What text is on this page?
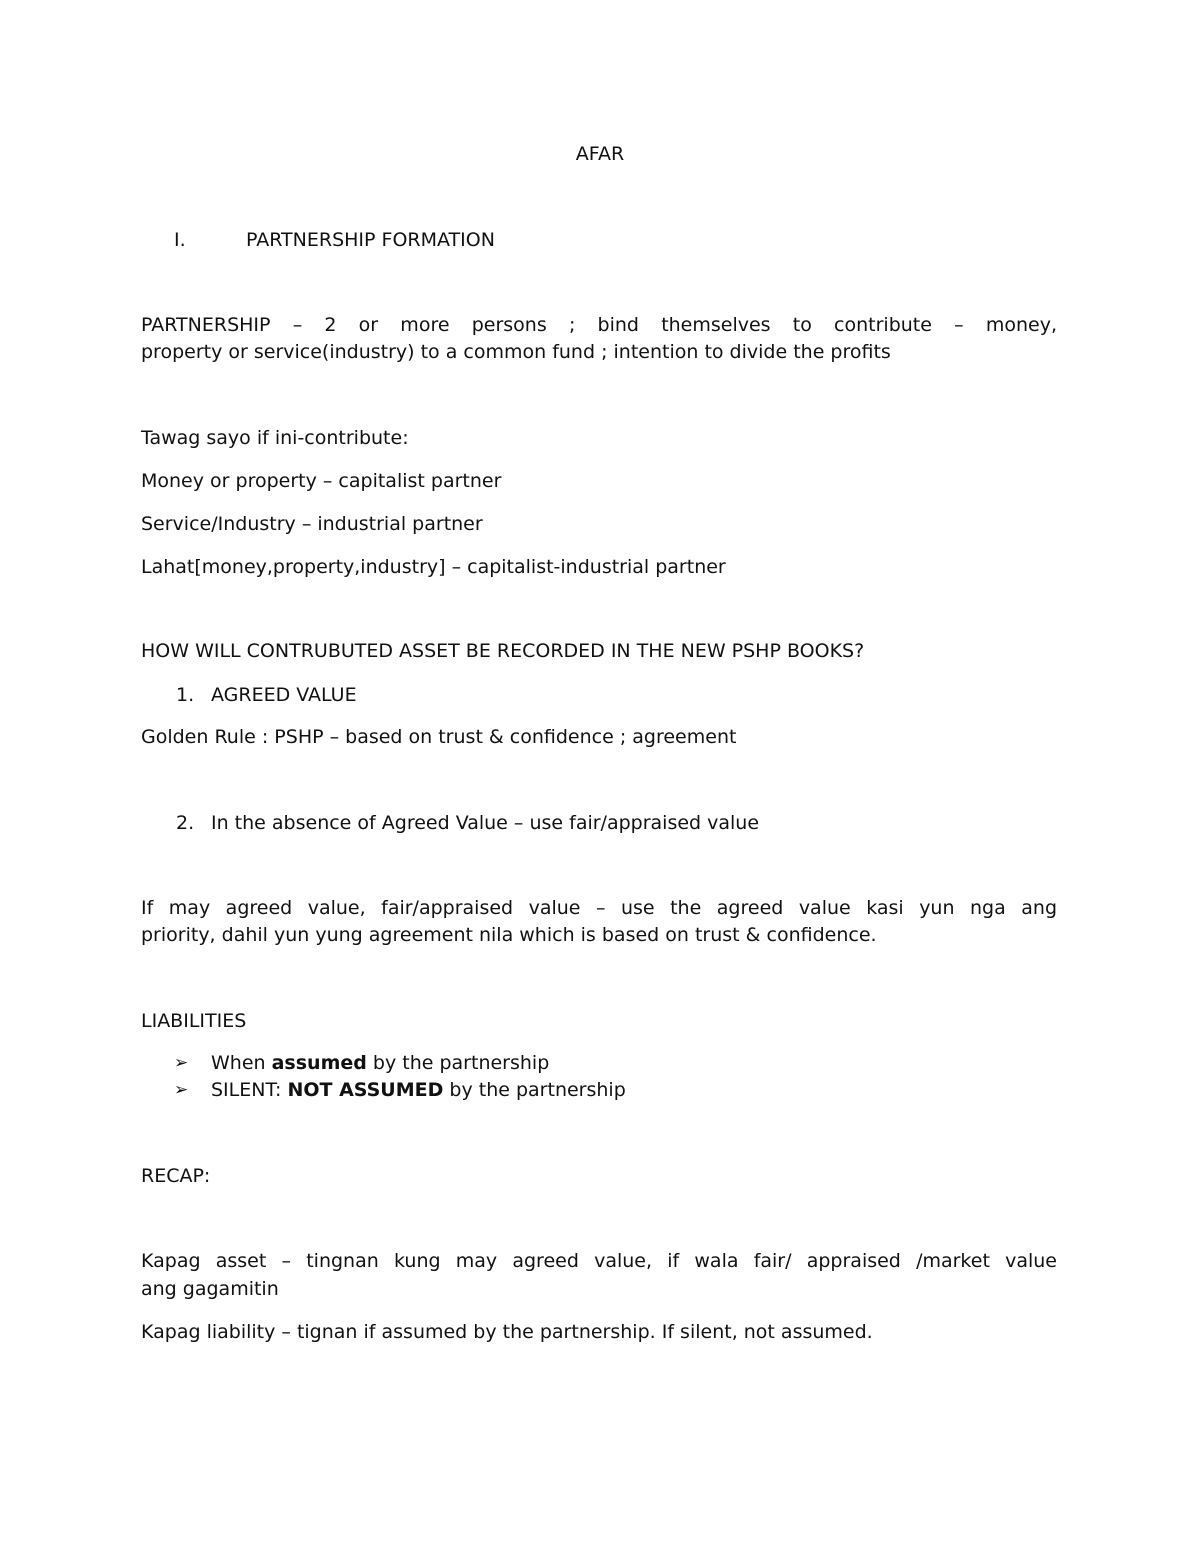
AFAR
I.	PARTNERSHIP FORMATION
PARTNERSHIP – 2 or more persons ; bind themselves to contribute – money,
property or service(industry) to a common fund ; intention to divide the profits
Tawag sayo if ini-contribute:
Money or property – capitalist partner
Service/Industry – industrial partner
Lahat[money,property,industry] – capitalist-industrial partner
HOW WILL CONTRUBUTED ASSET BE RECORDED IN THE NEW PSHP BOOKS?
1. AGREED VALUE
Golden Rule : PSHP – based on trust & confidence ; agreement
2. In the absence of Agreed Value – use fair/appraised value
If may agreed value, fair/appraised value – use the agreed value kasi yun nga ang
priority, dahil yun yung agreement nila which is based on trust & confidence.
LIABILITIES
➢ When assumed by the partnership
➢ SILENT: NOT ASSUMED by the partnership
RECAP:
Kapag asset – tingnan kung may agreed value, if wala fair/ appraised /market value
ang gagamitin
Kapag liability – tignan if assumed by the partnership. If silent, not assumed.
